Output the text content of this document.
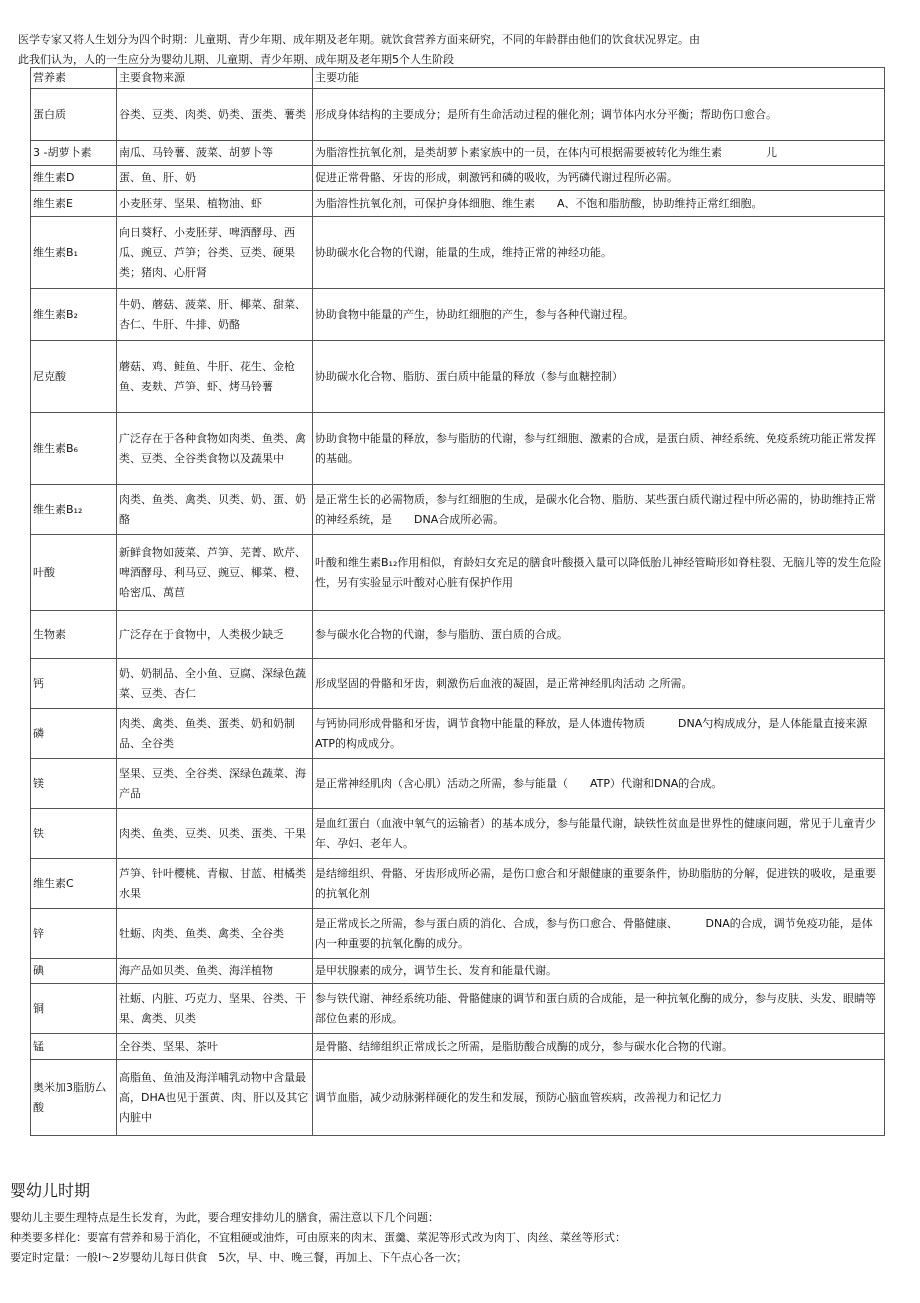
医学专家又将人生划分为四个时期：儿童期、青少年期、成年期及老年期。就饮食营养方面来研究，不同的年龄群由他们的饮食状况界定。由

此我们认为，人的一生应分为婴幼儿期、儿童期、青少年期、成年期及老年期5个人生阶段

营养素	主要食物来源	主要功能
蛋白质	谷类、豆类、肉类、奶类、蛋类、薯类	形成身体结构的主要成分；是所有生命活动过程的催化剂；调节体内水分平衡；帮助伤口愈合。
3 -胡萝卜素	南瓜、马铃薯、菠菜、胡萝卜等	为脂溶性抗氧化剂，是类胡萝卜素家族中的一员，在体内可根据需要被转化为维生素　　　　儿
维生素D	蛋、鱼、肝、奶	促进正常骨骼、牙齿的形成，刺激钙和磷的吸收，为钙磷代谢过程所必需。
维生素E	小麦胚芽、坚果、植物油、虾	为脂溶性抗氧化剂，可保护身体细胞、维生素　　A、不饱和脂肪酸，协助维持正常红细胞。
维生素B₁	向日葵籽、小麦胚芽、啤酒酵母、西瓜、豌豆、芦笋；谷类、豆类、硬果类；猪肉、心肝肾	协助碳水化合物的代谢，能量的生成，维持正常的神经功能。
维生素B₂	牛奶、蘑菇、菠菜、肝、椰菜、甜菜、杏仁、牛肝、牛排、奶酪	协助食物中能量的产生，协助红细胞的产生，参与各种代谢过程。
尼克酸	蘑菇、鸡、鲑鱼、牛肝、花生、金枪鱼、麦麸、芦笋、虾、烤马铃薯	协助碳水化合物、脂肪、蛋白质中能量的释放（参与血糖控制）
维生素B₆	广泛存在于各种食物如肉类、鱼类、禽类、豆类、全谷类食物以及蔬果中	协助食物中能量的释放，参与脂肪的代谢，参与红细胞、激素的合成，是蛋白质、神经系统、免疫系统功能正常发挥的基础。
维生素B₁₂	肉类、鱼类、禽类、贝类、奶、蛋、奶酪	是正常生长的必需物质，参与红细胞的生成，是碳水化合物、脂肪、某些蛋白质代谢过程中所必需的，协助维持正常的神经系统，是　　DNA合成所必需。
叶酸	新鲜食物如菠菜、芦笋、芜菁、欧芹、啤酒酵母、利马豆、豌豆、椰菜、橙、哈密瓜、萬苣	叶酸和维生素B₁₂作用相似，育龄妇女充足的膳食叶酸摄入量可以降低胎儿神经管畸形如脊柱裂、无脑儿等的发生危险性，另有实验显示叶酸对心脏有保护作用
生物素	广泛存在于食物中，人类极少缺乏	参与碳水化合物的代谢，参与脂肪、蛋白质的合成。
钙	奶、奶制品、全小鱼、豆腐、深绿色蔬菜、豆类、杏仁	形成坚固的骨骼和牙齿，刺激伤后血液的凝固，是正常神经肌肉活动 之所需。
磷	肉类、禽类、鱼类、蛋类、奶和奶制品、全谷类	与钙协同形成骨骼和牙齿，调节食物中能量的释放，是人体遗传物质　　　DNA勺构成成分，是人体能量直接来源ATP的构成成分。
镁	坚果、豆类、全谷类、深绿色蔬菜、海产品	是正常神经肌肉（含心肌）活动之所需，参与能量（　　ATP）代谢和DNA的合成。
铁	肉类、鱼类、豆类、贝类、蛋类、干果	是血红蛋白（血液中氧气的运输者）的基本成分，参与能量代谢，缺铁性贫血是世界性的健康问题，常见于儿童青少年、孕妇、老年人。
维生素C	芦笋、针叶樱桃、青椒、甘蓝、柑橘类水果	是结缔组织、骨骼、牙齿形成所必需，是伤口愈合和牙龈健康的重要条件，协助脂肪的分解，促进铁的吸收，是重要的抗氧化剂
锌	牡蛎、肉类、鱼类、禽类、全谷类	是正常成长之所需，参与蛋白质的消化、合成，参与伤口愈合、骨骼健康、　　　DNA的合成，调节免疫功能，是体内一种重要的抗氧化酶的成分。
碘	海产品如贝类、鱼类、海洋植物	是甲状腺素的成分，调节生长、发育和能量代谢。
铜	社蛎、内脏、巧克力、坚果、谷类、干果、禽类、贝类	参与铁代谢、神经系统功能、骨骼健康的调节和蛋白质的合成能，是一种抗氧化酶的成分，参与皮肤、头发、眼睛等部位色素的形成。
锰	全谷类、坚果、茶叶	是骨骼、结缔组织正常成长之所需，是脂肪酸合成酶的成分，参与碳水化合物的代谢。
奥米加3脂肪厶酸	高脂鱼、鱼油及海洋哺乳动物中含量最高，DHA也见于蛋黄、肉、肝以及其它内脏中	调节血脂，减少动脉粥样硬化的发生和发展，预防心脑血管疾病，改善视力和记忆力
婴幼儿时期

婴幼儿主要生理特点是生长发育，为此，要合理安排幼儿的膳食，需注意以下几个问题：

种类要多样化：要富有营养和易于消化，不宜粗硬或油炸，可由原来的肉末、蛋羹、菜泥等形式改为肉丁、肉丝、菜丝等形式：

要定时定量：一般I～2岁婴幼儿每日供食　5次，早、中、晚三餐，再加上、下午点心各一次；
